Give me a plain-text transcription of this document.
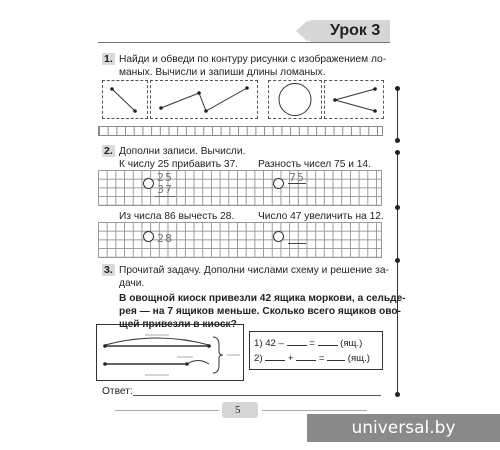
Урок 3
1. Найди и обведи по контуру рисунки с изображением ло-
маных. Вычисли и запиши длины ломаных.
2. Дополни записи. Вычисли.
К числу 25 прибавить 37. Разность чисел 75 и 14.
25
37
75
Из числа 86 вычесть 28. Число 47 увеличить на 12.
28
3. Прочитай задачу. Дополни числами схему и решение за-
дачи.
В овощной киоск привезли 42 ящика моркови, а сельде-
рея — на 7 ящиков меньше. Сколько всего ящиков ово-
щей привезли в киоск?
1) 42 –	=	(ящ.)
2)	+	= (ящ.)
Ответ:
5
universal.by
